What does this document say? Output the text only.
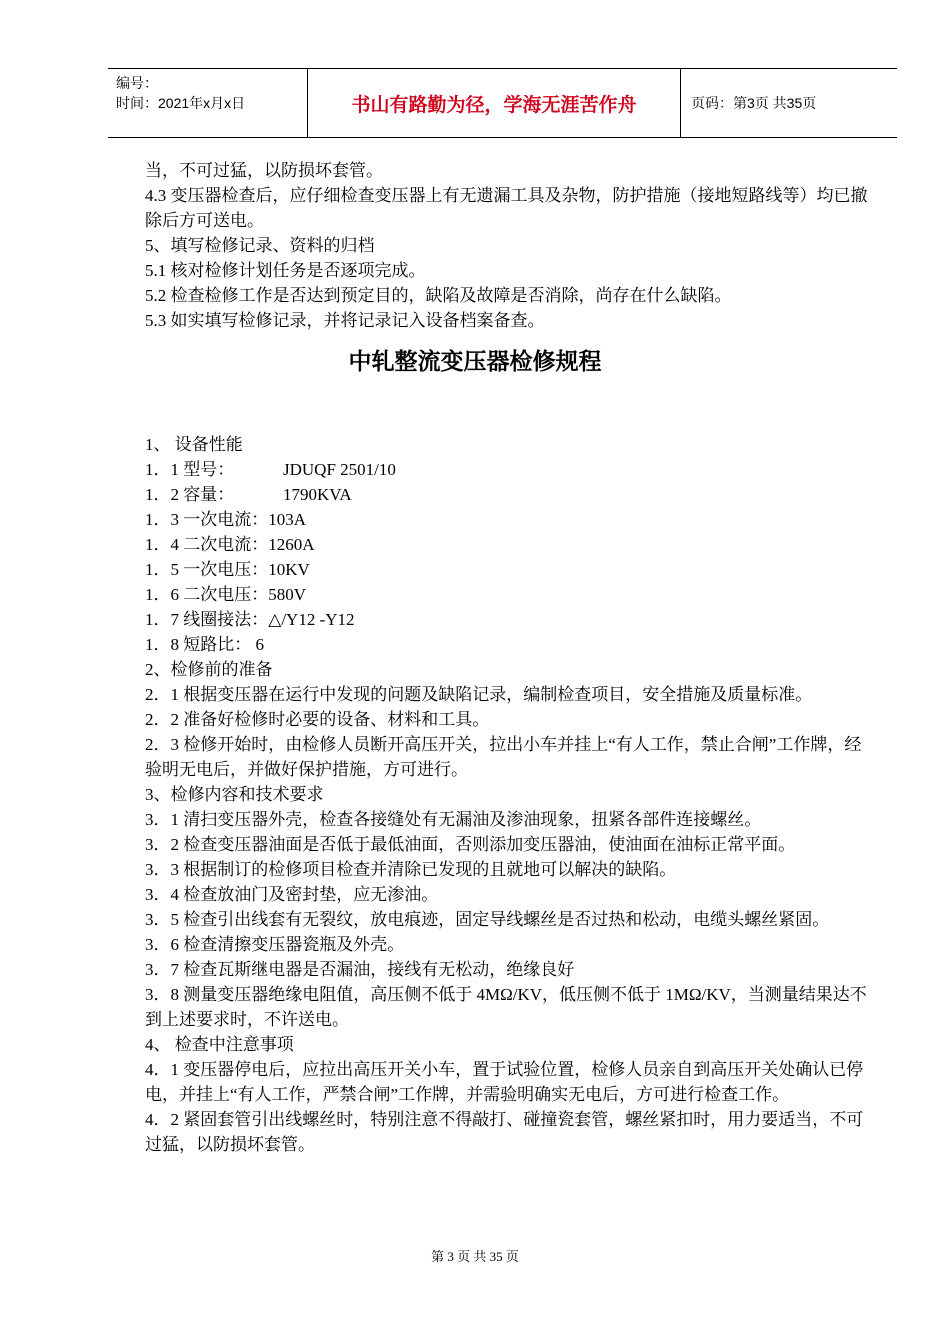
编号：
时间：2021年x月x日	书山有路勤为径，学海无涯苦作舟	页码：第3页 共35页

当，不可过猛，以防损坏套管。

4.3 变压器检查后，应仔细检查变压器上有无遗漏工具及杂物，防护措施（接地短路线等）均已撤除后方可送电。

5、填写检修记录、资料的归档

5.1 核对检修计划任务是否逐项完成。

5.2 检查检修工作是否达到预定目的，缺陷及故障是否消除，尚存在什么缺陷。

5.3 如实填写检修记录，并将记录记入设备档案备查。

中轧整流变压器检修规程

1、 设备性能

1．1 型号：	JDUQF 2501/10
1．2 容量：	1790KVA

1．3 一次电流：103A

1．4 二次电流：1260A

1．5 一次电压：10KV

1．6 二次电压：580V

1．7 线圈接法：△/Y12 -Y12

1．8 短路比： 6

2、检修前的准备

2．1 根据变压器在运行中发现的问题及缺陷记录，编制检查项目，安全措施及质量标准。

2．2 准备好检修时必要的设备、材料和工具。

2．3 检修开始时，由检修人员断开高压开关，拉出小车并挂上“有人工作，禁止合闸”工作牌，经验明无电后，并做好保护措施，方可进行。

3、检修内容和技术要求

3．1 清扫变压器外壳，检查各接缝处有无漏油及渗油现象，扭紧各部件连接螺丝。

3．2 检查变压器油面是否低于最低油面，否则添加变压器油，使油面在油标正常平面。

3．3 根据制订的检修项目检查并清除已发现的且就地可以解决的缺陷。

3．4 检查放油门及密封垫，应无渗油。

3．5 检查引出线套有无裂纹，放电痕迹，固定导线螺丝是否过热和松动，电缆头螺丝紧固。

3．6 检查清擦变压器瓷瓶及外壳。

3．7 检查瓦斯继电器是否漏油，接线有无松动，绝缘良好

3．8 测量变压器绝缘电阻值，高压侧不低于 4MΩ/KV，低压侧不低于 1MΩ/KV，当测量结果达不到上述要求时，不许送电。

4、 检查中注意事项

4．1 变压器停电后，应拉出高压开关小车，置于试验位置，检修人员亲自到高压开关处确认已停电，并挂上“有人工作，严禁合闸”工作牌，并需验明确实无电后，方可进行检查工作。

4．2 紧固套管引出线螺丝时，特别注意不得敲打、碰撞瓷套管，螺丝紧扣时，用力要适当，不可过猛，以防损坏套管。

第 3 页 共 35 页
